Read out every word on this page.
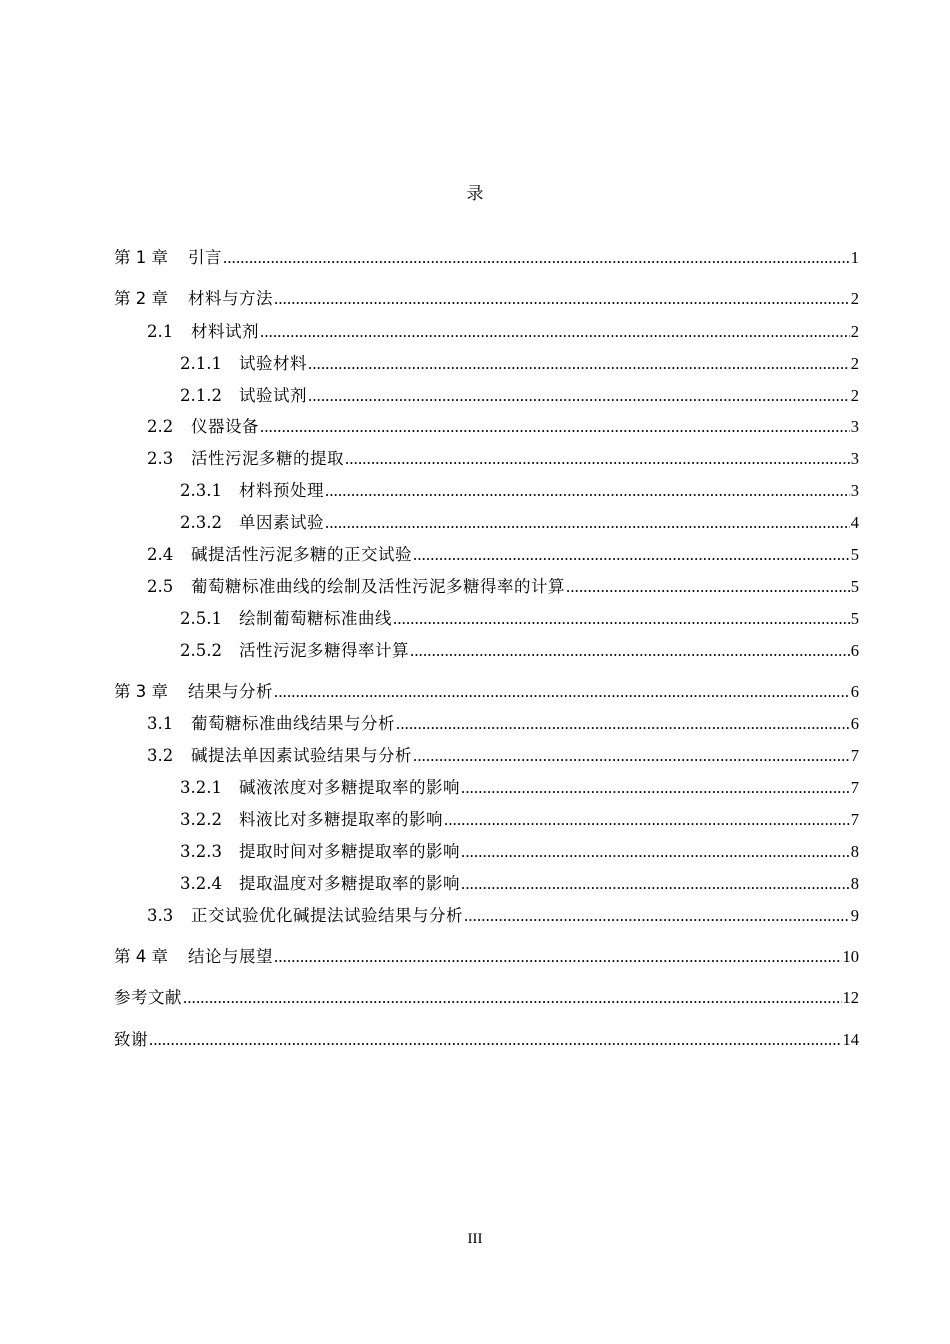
录
第 1 章	引言 .....	1
第 2 章	材料与方法 .....	2
2.1	材料试剂 .....	2
2.1.1	试验材料 .....	2
2.1.2	试验试剂 .....	2
2.2	仪器设备 .....	3
2.3	活性污泥多糖的提取 .....	3
2.3.1	材料预处理 .....	3
2.3.2	单因素试验 .....	4
2.4	碱提活性污泥多糖的正交试验 .....	5
2.5	葡萄糖标准曲线的绘制及活性污泥多糖得率的计算 .....	5
2.5.1	绘制葡萄糖标准曲线 .....	5
2.5.2	活性污泥多糖得率计算 .....	6
第 3 章	结果与分析 .....	6
3.1	葡萄糖标准曲线结果与分析 .....	6
3.2	碱提法单因素试验结果与分析 .....	7
3.2.1	碱液浓度对多糖提取率的影响 .....	7
3.2.2	料液比对多糖提取率的影响 .....	7
3.2.3	提取时间对多糖提取率的影响 .....	8
3.2.4	提取温度对多糖提取率的影响 .....	8
3.3	正交试验优化碱提法试验结果与分析 .....	9
第 4 章	结论与展望 .....	10
参考文献 .....	12
致谢 .....	14
III
